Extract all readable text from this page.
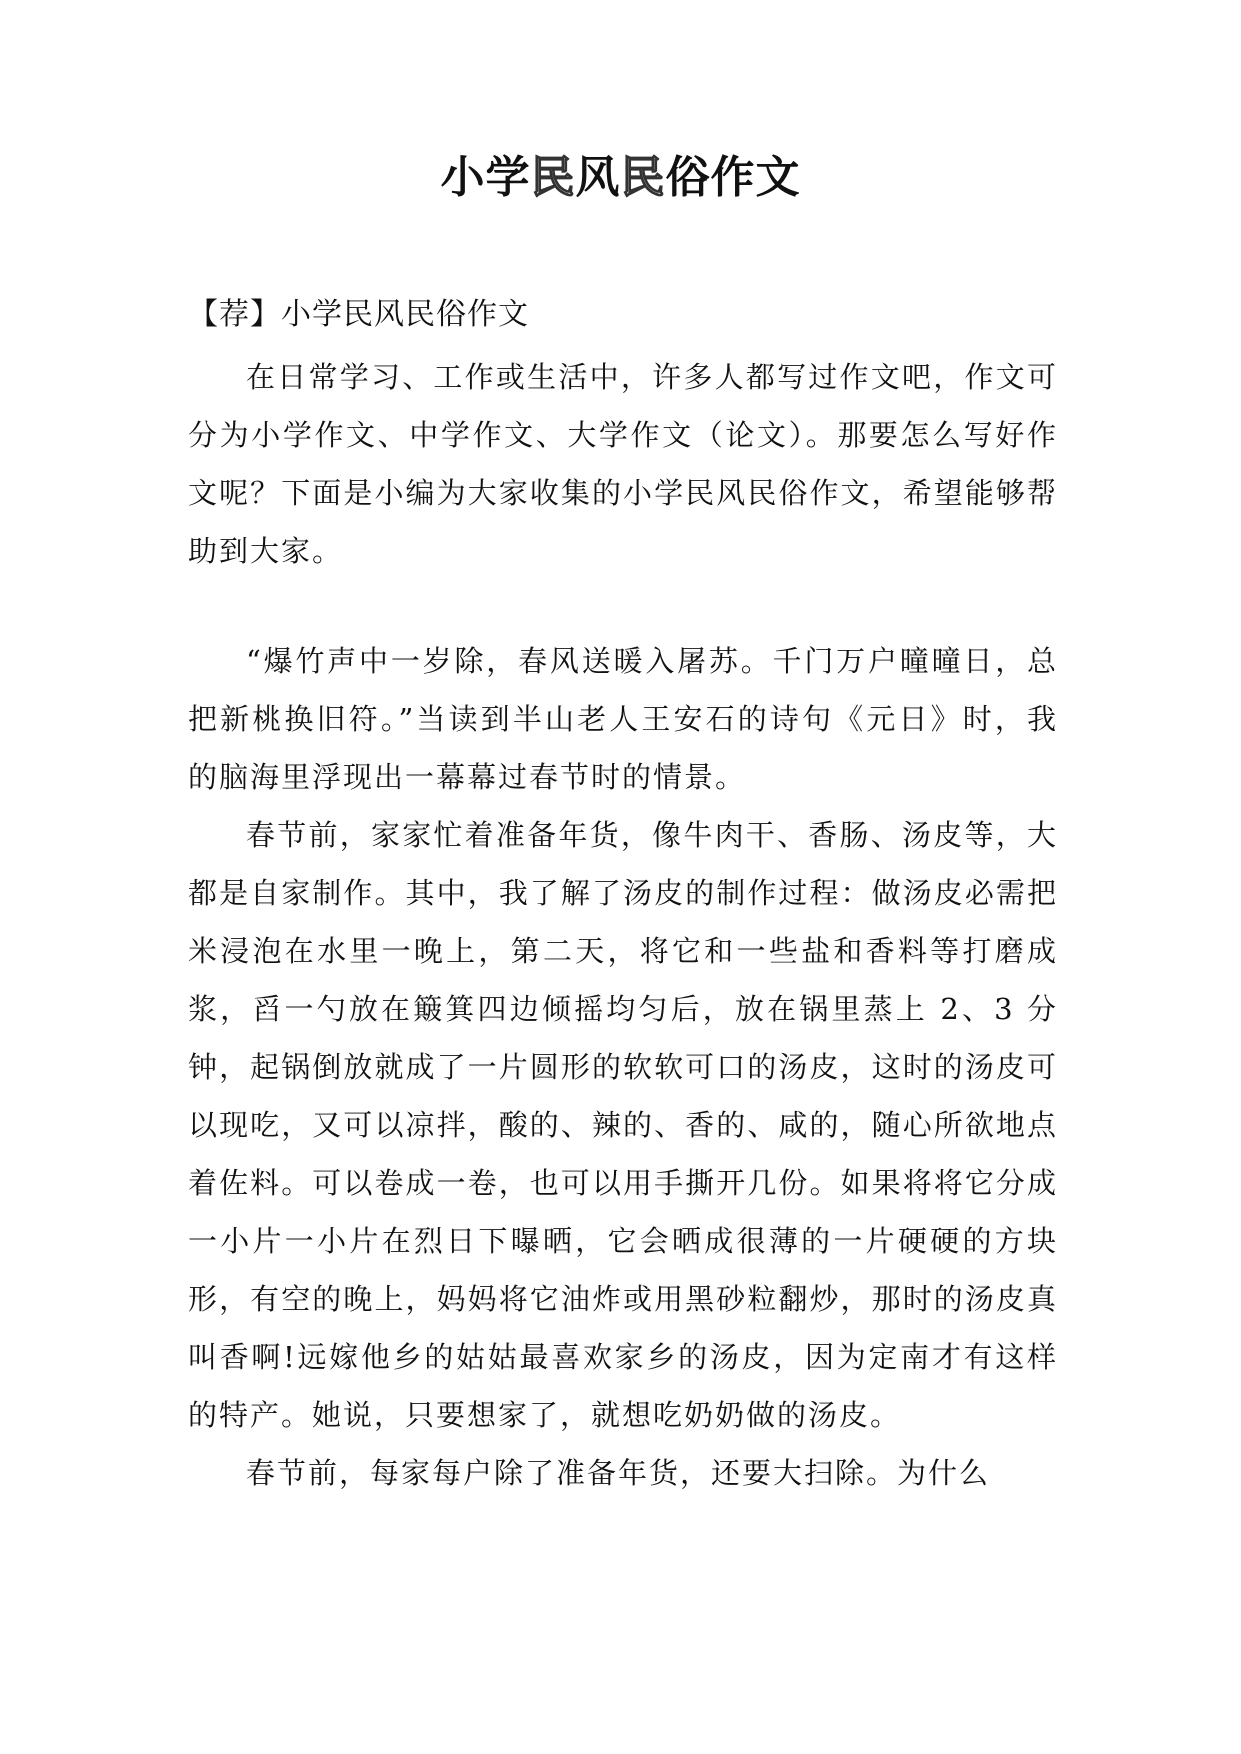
小学民风民俗作文

【荐】小学民风民俗作文

在日常学习、工作或生活中，许多人都写过作文吧，作文可分为小学作文、中学作文、大学作文（论文）。那要怎么写好作文呢？下面是小编为大家收集的小学民风民俗作文，希望能够帮助到大家。

“爆竹声中一岁除，春风送暖入屠苏。千门万户曈曈日，总把新桃换旧符。”当读到半山老人王安石的诗句《元日》时，我的脑海里浮现出一幕幕过春节时的情景。

春节前，家家忙着准备年货，像牛肉干、香肠、汤皮等，大都是自家制作。其中，我了解了汤皮的制作过程：做汤皮必需把米浸泡在水里一晚上，第二天，将它和一些盐和香料等打磨成浆，舀一勺放在簸箕四边倾摇均匀后，放在锅里蒸上 2、3 分钟，起锅倒放就成了一片圆形的软软可口的汤皮，这时的汤皮可以现吃，又可以凉拌，酸的、辣的、香的、咸的，随心所欲地点着佐料。可以卷成一卷，也可以用手撕开几份。如果将将它分成一小片一小片在烈日下曝晒，它会晒成很薄的一片硬硬的方块形，有空的晚上，妈妈将它油炸或用黑砂粒翻炒，那时的汤皮真叫香啊!远嫁他乡的姑姑最喜欢家乡的汤皮，因为定南才有这样的特产。她说，只要想家了，就想吃奶奶做的汤皮。

春节前，每家每户除了准备年货，还要大扫除。为什么
